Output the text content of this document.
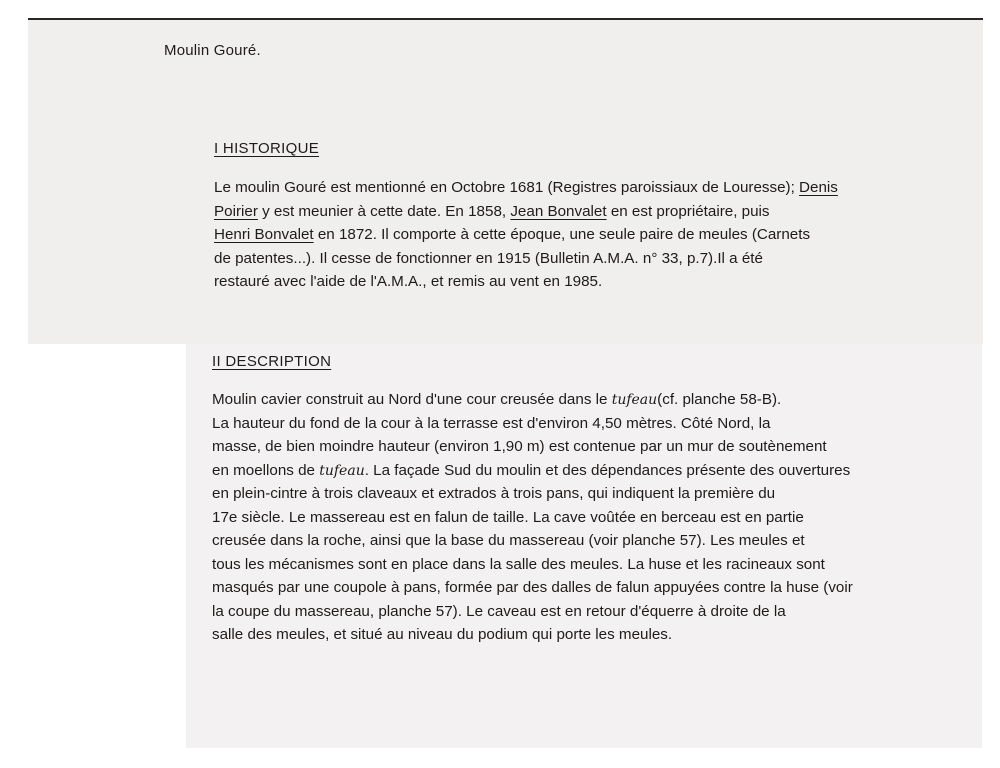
Moulin Gouré.
I HISTORIQUE
Le moulin Gouré est mentionné en Octobre 1681 (Registres paroissiaux de Louresse); Denis
Poirier y est meunier à cette date. En 1858, Jean Bonvalet en est propriétaire, puis
Henri Bonvalet en 1872. Il comporte à cette époque, une seule paire de meules (Carnets
de patentes...). Il cesse de fonctionner en 1915 (Bulletin A.M.A. n° 33, p.7).Il a été
restauré avec l'aide de l'A.M.A., et remis au vent en 1985.
II DESCRIPTION
Moulin cavier construit au Nord d'une cour creusée dans le tufeau(cf. planche 58-B).
La hauteur du fond de la cour à la terrasse est d'environ 4,50 mètres. Côté Nord, la
masse, de bien moindre hauteur (environ 1,90 m) est contenue par un mur de soutènement
en moellons de tufeau. La façade Sud du moulin et des dépendances présente des ouvertures
en plein-cintre à trois claveaux et extrados à trois pans, qui indiquent la première du
17e siècle. Le massereau est en falun de taille. La cave voûtée en berceau est en partie
creusée dans la roche, ainsi que la base du massereau (voir planche 57). Les meules et
tous les mécanismes sont en place dans la salle des meules. La huse et les racineaux sont
masqués par une coupole à pans, formée par des dalles de falun appuyées contre la huse (voir
la coupe du massereau, planche 57). Le caveau est en retour d'équerre à droite de la
salle des meules, et situé au niveau du podium qui porte les meules.
